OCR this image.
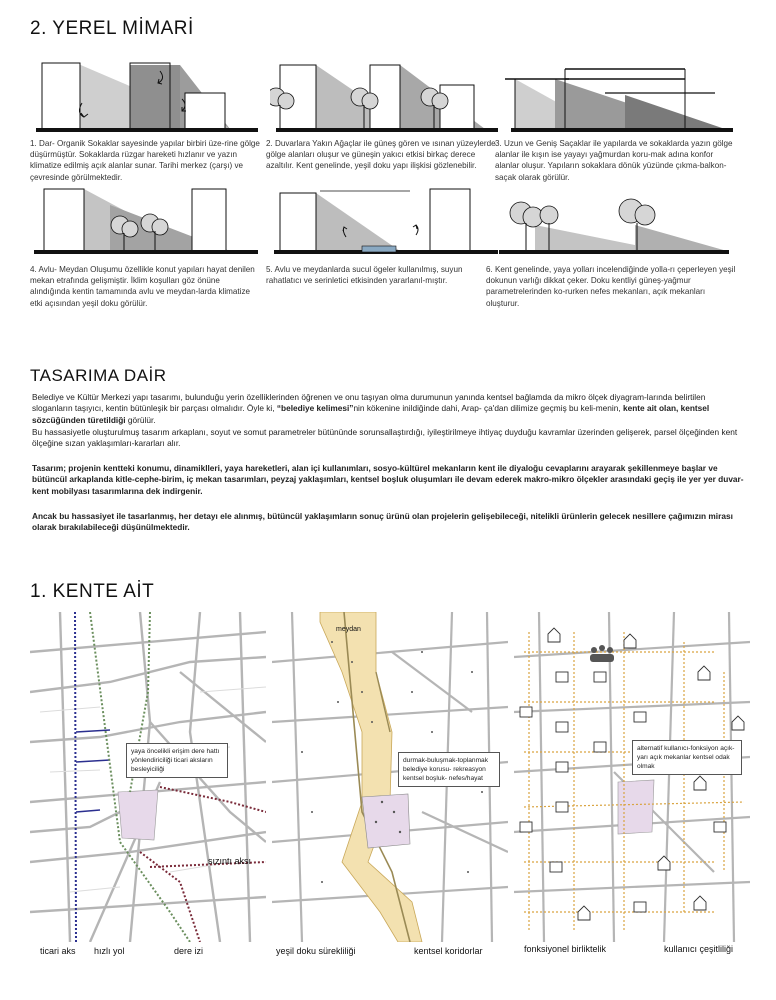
2. YEREL MİMARİ
1. Dar- Organik Sokaklar sayesinde yapılar birbiri üze-rine gölge düşürmüştür. Sokaklarda rüzgar hareketi hızlanır ve yazın klimatize edilmiş açık alanlar sunar. Tarihi merkez (çarşı) ve çevresinde görülmektedir.
2. Duvarlara Yakın Ağaçlar ile güneş gören ve ısınan yüzeylerde gölge alanları oluşur ve güneşin yakıcı etkisi birkaç derece azaltılır. Kent genelinde, yeşil doku yapı ilişkisi gözlenebilir.
3. Uzun ve Geniş Saçaklar ile yapılarda ve sokaklarda yazın gölge alanlar ile kışın ise yayayı yağmurdan koru-mak adına konfor alanlar oluşur. Yapıların sokaklara dönük yüzünde çıkma-balkon-saçak olarak görülür.
4. Avlu- Meydan Oluşumu özellikle konut yapıları hayat denilen mekan etrafında gelişmiştir. İklim koşulları göz önüne alındığında kentin tamamında avlu ve meydan-larda klimatize etki açısından yeşil doku görülür.
5. Avlu ve meydanlarda sucul ögeler kullanılmış, suyun rahatlatıcı ve serinletici etkisinden yararlanıl-mıştır.
6. Kent genelinde, yaya yolları incelendiğinde yolla-rı çeperleyen yeşil dokunun varlığı dikkat çeker. Doku kentliyi güneş-yağmur parametrelerinden ko-rurken nefes mekanları, açık mekanları oluşturur.
TASARIMA DAİR

Belediye ve Kültür Merkezi yapı tasarımı, bulunduğu yerin özelliklerinden öğrenen ve onu taşıyan olma durumunun yanında kentsel bağlamda da mikro ölçek diyagram-larında belirtilen sloganların taşıyıcı, kentin bütünleşik bir parçası olmalıdır. Öyle ki, “belediye kelimesi”nin kökenine inildiğinde dahi, Arap- ça'dan dilimize geçmiş bu keli-menin, kente ait olan, kentsel sözcüğünden türetildiği görülür.

Bu hassasiyetle oluşturulmuş tasarım arkaplanı, soyut ve somut parametreler bütününde sorunsallaştırdığı, iyileştirilmeye ihtiyaç duyduğu kavramlar üzerinden gelişerek, parsel ölçeğinden kent ölçeğine sızan yaklaşımları-kararları alır.

Tasarım; projenin kentteki konumu, dinamiklleri, yaya hareketleri, alan içi kullanımları, sosyo-kültürel mekanların kent ile diyaloğu cevaplarını arayarak şekillenmeye başlar ve bütüncül arkaplanda kitle-cephe-birim, iç mekan tasarımları, peyzaj yaklaşımları, kentsel boşluk oluşumları ile devam ederek makro-mikro ölçekler arasındaki geçiş ile yer yer duvar-kent mobilyası tasarımlarına dek indirgenir.

Ancak bu hassasiyet ile tasarlanmış, her detayı ele alınmış, bütüncül yaklaşımların sonuç ürünü olan projelerin gelişebileceği, nitelikli ürünlerin gelecek nesillere çağımızın mirası olarak bırakılabileceği düşünülmektedir.

1. KENTE AİT
yaya öncelikli erişim dere hattı yönlendiriciliği ticari aksların besleyiciliği
sızıntı aksı
ticari aks hızlı yol	dere izi
meydan
durmak-buluşmak-toplanmak belediye korusu- rekreasyon kentsel boşluk- nefes/hayat
yeşil doku sürekliliği	kentsel koridorlar
alternatif kullanıcı-fonksiyon açık-yarı açık mekanlar kentsel odak olmak
fonksiyonel birliktelik	kullanıcı çeşitliliği
